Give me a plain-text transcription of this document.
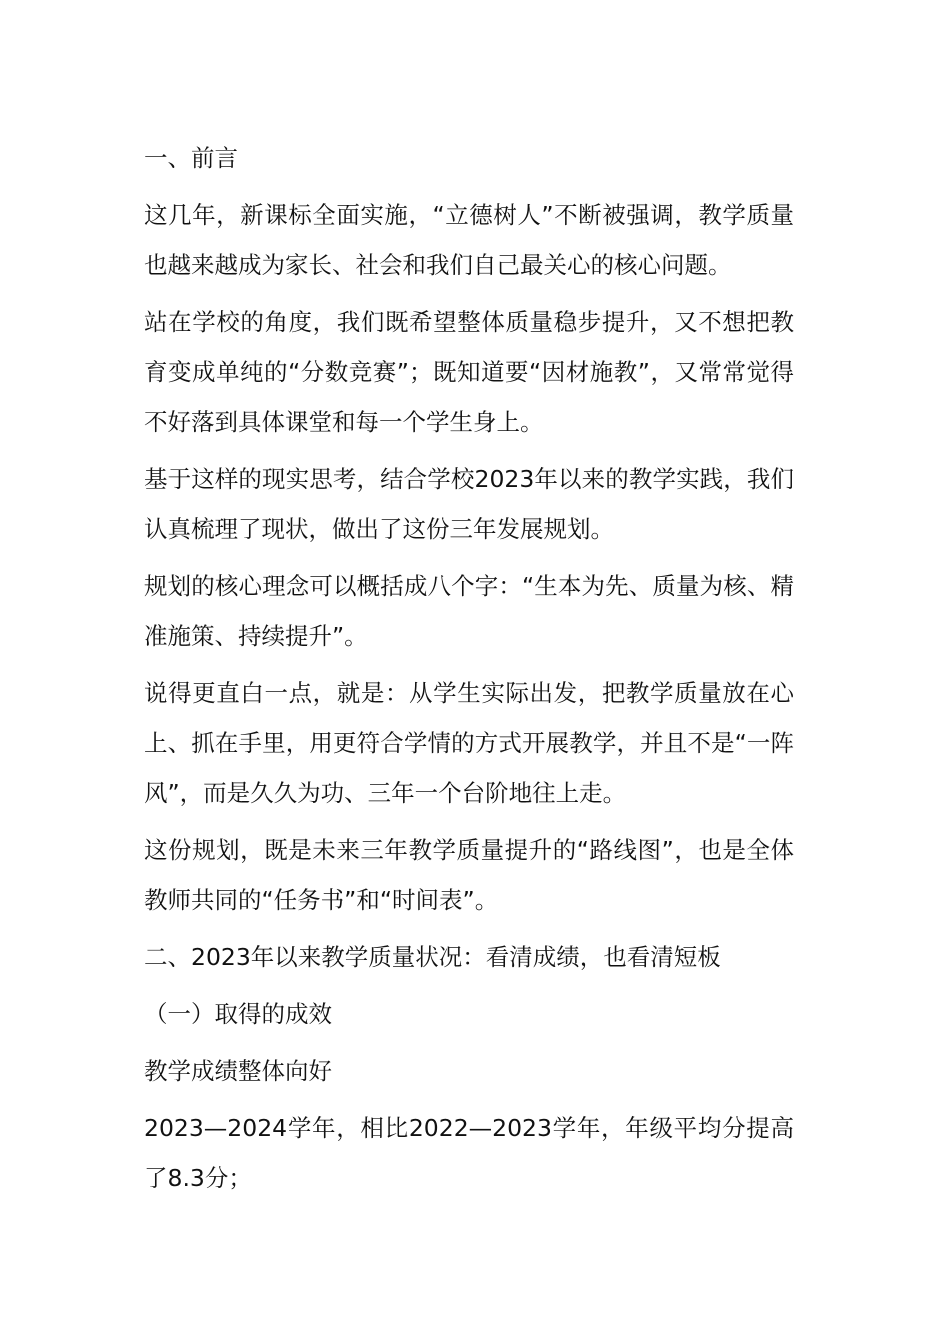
一、前言

这几年，新课标全面实施，“立德树人”不断被强调，教学质量也越来越成为家长、社会和我们自己最关心的核心问题。

站在学校的角度，我们既希望整体质量稳步提升，又不想把教育变成单纯的“分数竞赛”；既知道要“因材施教”，又常常觉得不好落到具体课堂和每一个学生身上。

基于这样的现实思考，结合学校2023年以来的教学实践，我们认真梳理了现状，做出了这份三年发展规划。

规划的核心理念可以概括成八个字：“生本为先、质量为核、精准施策、持续提升”。

说得更直白一点，就是：从学生实际出发，把教学质量放在心上、抓在手里，用更符合学情的方式开展教学，并且不是“一阵风”，而是久久为功、三年一个台阶地往上走。

这份规划，既是未来三年教学质量提升的“路线图”，也是全体教师共同的“任务书”和“时间表”。

二、2023年以来教学质量状况：看清成绩，也看清短板

（一）取得的成效

教学成绩整体向好

2023—2024学年，相比2022—2023学年，年级平均分提高了8.3分；
